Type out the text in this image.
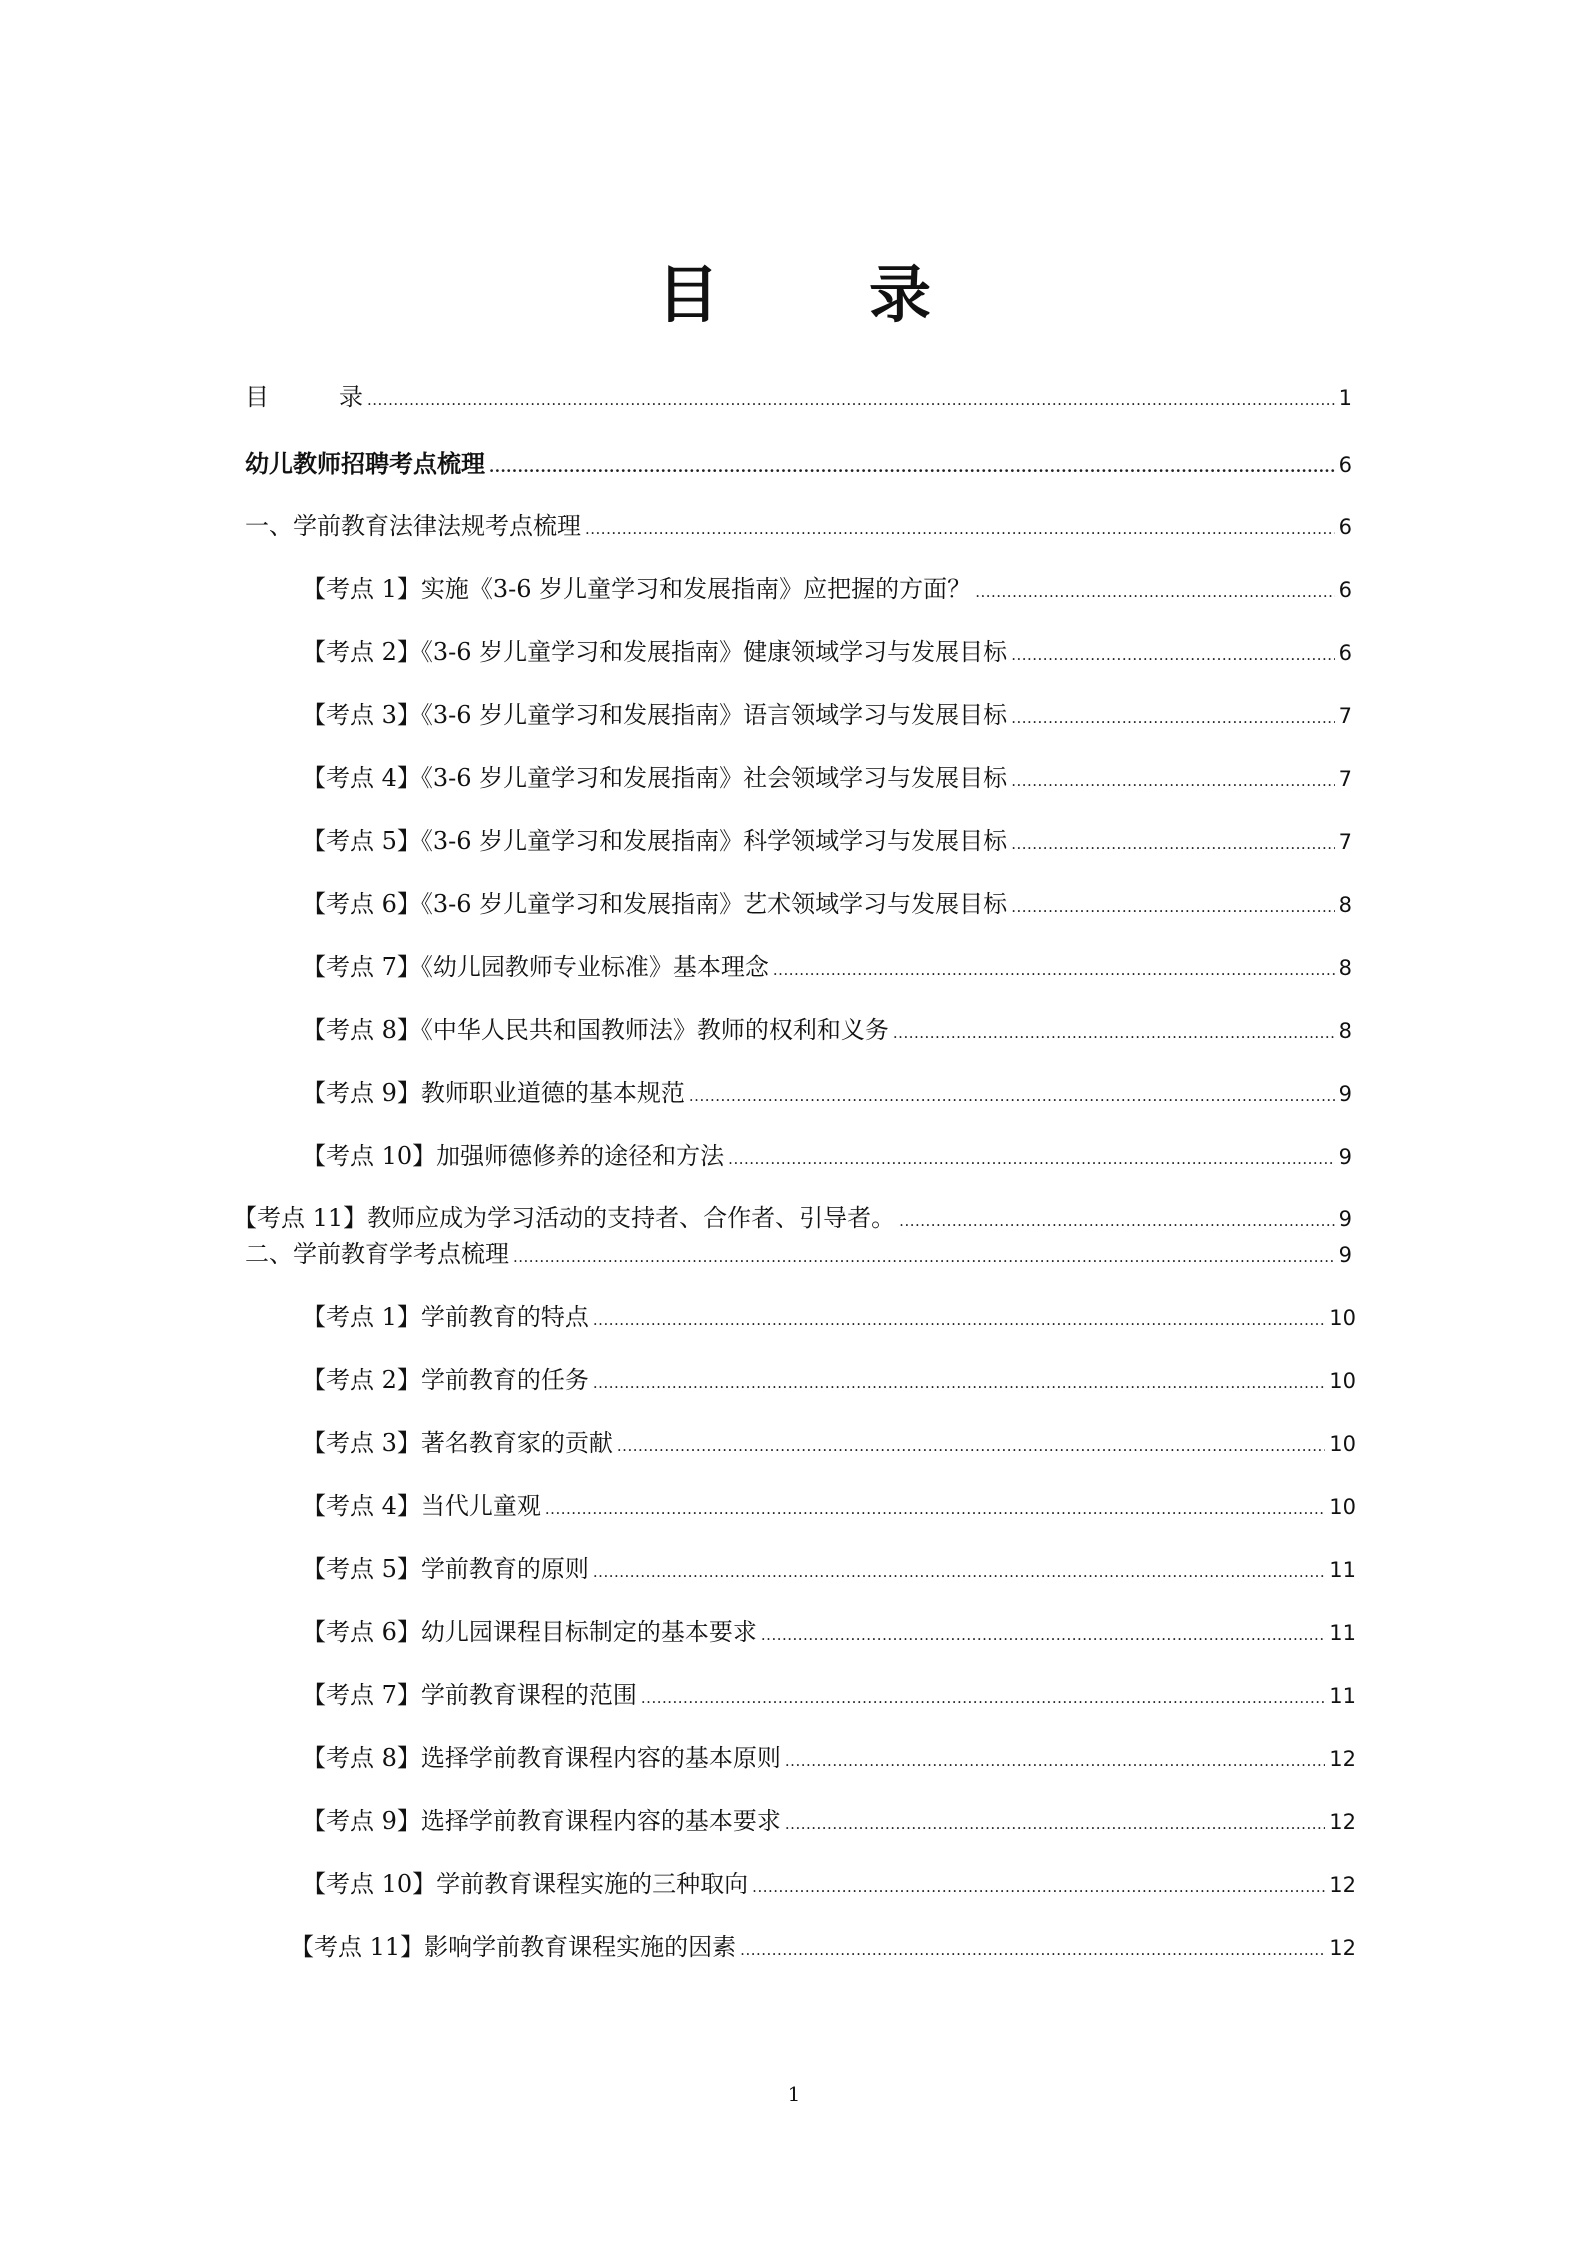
目 录
目	录 .....	1
幼儿教师招聘考点梳理 .....	6
一、学前教育法律法规考点梳理 .....	6
【考点 1】实施《3-6 岁儿童学习和发展指南》应把握的方面？ .....	6
【考点 2】《3-6 岁儿童学习和发展指南》健康领域学习与发展目标 .....	6
【考点 3】《3-6 岁儿童学习和发展指南》语言领域学习与发展目标 .....	7
【考点 4】《3-6 岁儿童学习和发展指南》社会领域学习与发展目标 .....	7
【考点 5】《3-6 岁儿童学习和发展指南》科学领域学习与发展目标 .....	7
【考点 6】《3-6 岁儿童学习和发展指南》艺术领域学习与发展目标 .....	8
【考点 7】《幼儿园教师专业标准》基本理念 .....	8
【考点 8】《中华人民共和国教师法》教师的权利和义务 .....	8
【考点 9】教师职业道德的基本规范 .....	9
【考点 10】加强师德修养的途径和方法 .....	9
【考点 11】教师应成为学习活动的支持者、合作者、引导者。 .....	9
二、学前教育学考点梳理 .....	9
【考点 1】学前教育的特点 .....	10
【考点 2】学前教育的任务 .....	10
【考点 3】著名教育家的贡献 .....	10
【考点 4】当代儿童观 .....	10
【考点 5】学前教育的原则 .....	11
【考点 6】幼儿园课程目标制定的基本要求 .....	11
【考点 7】学前教育课程的范围 .....	11
【考点 8】选择学前教育课程内容的基本原则 .....	12
【考点 9】选择学前教育课程内容的基本要求 .....	12
【考点 10】学前教育课程实施的三种取向 .....	12
【考点 11】影响学前教育课程实施的因素 .....	12
1
